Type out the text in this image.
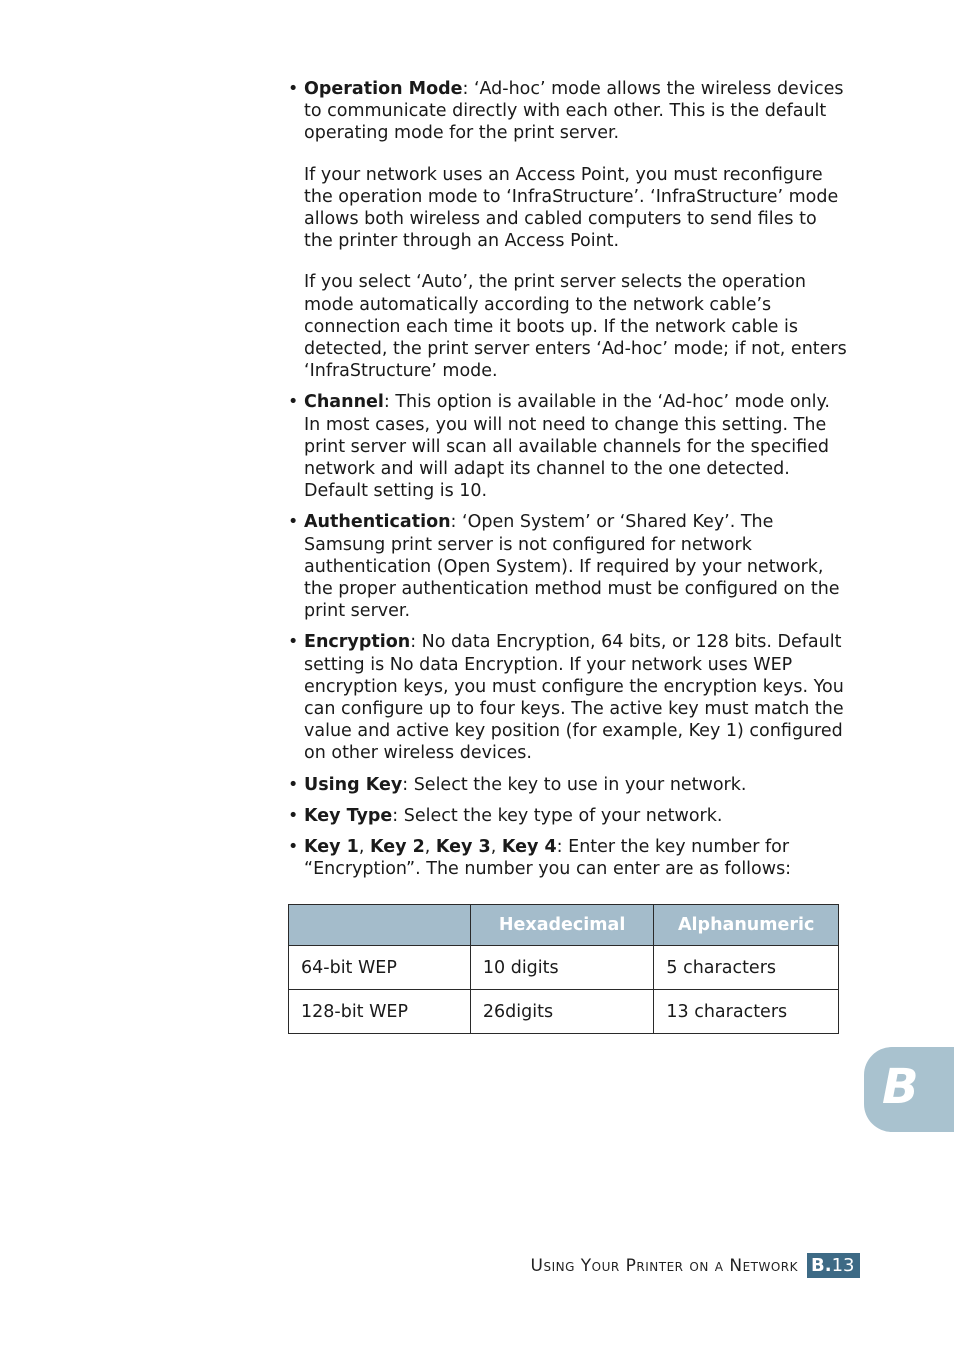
• Operation Mode: ‘Ad-hoc’ mode allows the wireless devices to communicate directly with each other. This is the default operating mode for the print server.

If your network uses an Access Point, you must reconfigure the operation mode to ‘InfraStructure’. ‘InfraStructure’ mode allows both wireless and cabled computers to send files to the printer through an Access Point.

If you select ‘Auto’, the print server selects the operation mode automatically according to the network cable’s connection each time it boots up. If the network cable is detected, the print server enters ‘Ad-hoc’ mode; if not, enters ‘InfraStructure’ mode.

• Channel: This option is available in the ‘Ad-hoc’ mode only. In most cases, you will not need to change this setting. The print server will scan all available channels for the specified network and will adapt its channel to the one detected. Default setting is 10.

• Authentication: ‘Open System’ or ‘Shared Key’. The Samsung print server is not configured for network authentication (Open System). If required by your network, the proper authentication method must be configured on the print server.

• Encryption: No data Encryption, 64 bits, or 128 bits. Default setting is No data Encryption. If your network uses WEP encryption keys, you must configure the encryption keys. You can configure up to four keys. The active key must match the value and active key position (for example, Key 1) configured on other wireless devices.

• Using Key: Select the key to use in your network.

• Key Type: Select the key type of your network.

• Key 1, Key 2, Key 3, Key 4: Enter the key number for “Encryption”. The number you can enter are as follows:

	Hexadecimal	Alphanumeric
64-bit WEP	10 digits	5 characters
128-bit WEP	26digits	13 characters
B
Using Your Printer on a Network B.13
